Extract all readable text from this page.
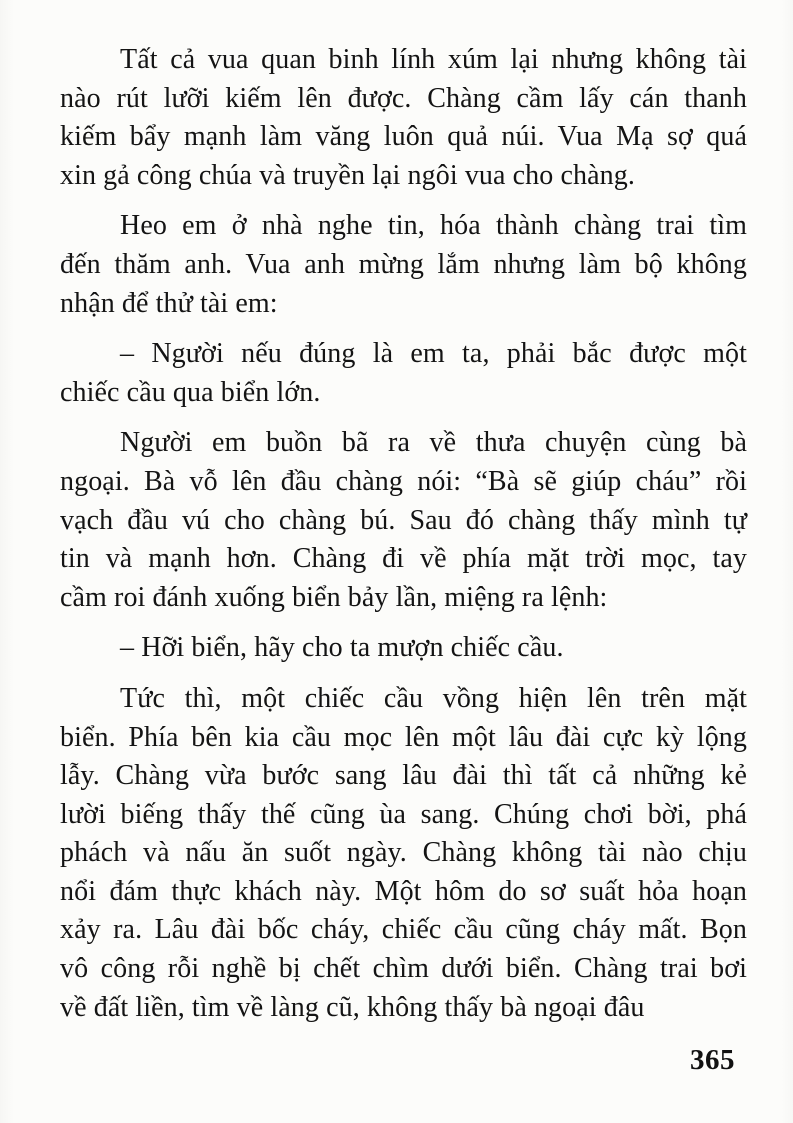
Tất cả vua quan binh lính xúm lại nhưng không tài
nào rút lưỡi kiếm lên được. Chàng cầm lấy cán thanh
kiếm bẩy mạnh làm văng luôn quả núi. Vua Mạ sợ quá
xin gả công chúa và truyền lại ngôi vua cho chàng.
Heo em ở nhà nghe tin, hóa thành chàng trai tìm
đến thăm anh. Vua anh mừng lắm nhưng làm bộ không
nhận để thử tài em:
– Người nếu đúng là em ta, phải bắc được một
chiếc cầu qua biển lớn.
Người em buồn bã ra về thưa chuyện cùng bà
ngoại. Bà vỗ lên đầu chàng nói: “Bà sẽ giúp cháu” rồi
vạch đầu vú cho chàng bú. Sau đó chàng thấy mình tự
tin và mạnh hơn. Chàng đi về phía mặt trời mọc, tay
cầm roi đánh xuống biển bảy lần, miệng ra lệnh:
– Hỡi biển, hãy cho ta mượn chiếc cầu.
Tức thì, một chiếc cầu vồng hiện lên trên mặt
biển. Phía bên kia cầu mọc lên một lâu đài cực kỳ lộng
lẫy. Chàng vừa bước sang lâu đài thì tất cả những kẻ
lười biếng thấy thế cũng ùa sang. Chúng chơi bời, phá
phách và nấu ăn suốt ngày. Chàng không tài nào chịu
nổi đám thực khách này. Một hôm do sơ suất hỏa hoạn
xảy ra. Lâu đài bốc cháy, chiếc cầu cũng cháy mất. Bọn
vô công rỗi nghề bị chết chìm dưới biển. Chàng trai bơi
về đất liền, tìm về làng cũ, không thấy bà ngoại đâu
365
